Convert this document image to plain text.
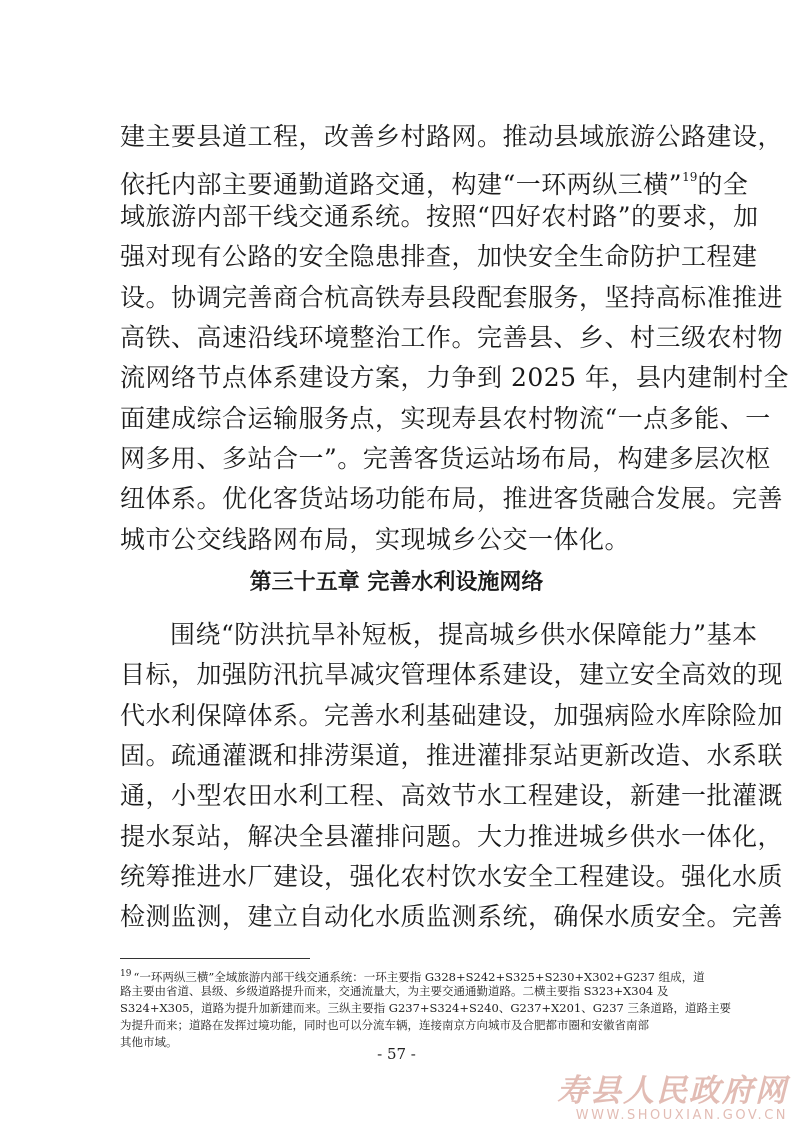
建主要县道工程，改善乡村路网。推动县域旅游公路建设，
依托内部主要通勤道路交通，构建“一环两纵三横”$^{19}$的全
域旅游内部干线交通系统。按照“四好农村路”的要求，加
强对现有公路的安全隐患排查，加快安全生命防护工程建
设。协调完善商合杭高铁寿县段配套服务，坚持高标准推进
高铁、高速沿线环境整治工作。完善县、乡、村三级农村物
流网络节点体系建设方案，力争到 2025 年，县内建制村全
面建成综合运输服务点，实现寿县农村物流“一点多能、一
网多用、多站合一”。完善客货运站场布局，构建多层次枢
纽体系。优化客货站场功能布局，推进客货融合发展。完善
城市公交线路网布局，实现城乡公交一体化。
第三十五章 完善水利设施网络
围绕“防洪抗旱补短板，提高城乡供水保障能力”基本
目标，加强防汛抗旱减灾管理体系建设，建立安全高效的现
代水利保障体系。完善水利基础建设，加强病险水库除险加
固。疏通灌溉和排涝渠道，推进灌排泵站更新改造、水系联
通，小型农田水利工程、高效节水工程建设，新建一批灌溉
提水泵站，解决全县灌排问题。大力推进城乡供水一体化，
统筹推进水厂建设，强化农村饮水安全工程建设。强化水质
检测监测，建立自动化水质监测系统，确保水质安全。完善
$^{19}$ “一环两纵三横”全域旅游内部干线交通系统：一环主要指 G328+S242+S325+S230+X302+G237 组成，道
路主要由省道、县级、乡级道路提升而来，交通流量大，为主要交通通勤道路。二横主要指 S323+X304 及
S324+X305，道路为提升加新建而来。三纵主要指 G237+S324+S240、G237+X201、G237 三条道路，道路主要
为提升而来；道路在发挥过境功能，同时也可以分流车辆，连接南京方向城市及合肥都市圈和安徽省南部
其他市域。
- 57 -
寿县人民政府网
WWW.SHOUXIAN.GOV.CN
